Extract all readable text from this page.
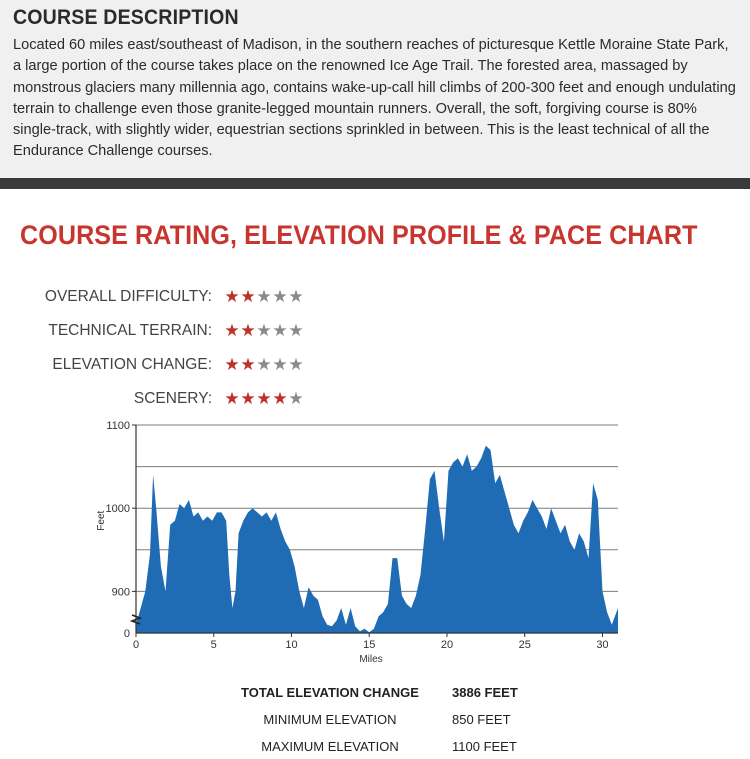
COURSE DESCRIPTION

Located 60 miles east/southeast of Madison, in the southern reaches of picturesque Kettle Moraine State Park, a large portion of the course takes place on the renowned Ice Age Trail. The forested area, massaged by monstrous glaciers many millennia ago, contains wake-up-call hill climbs of 200-300 feet and enough undulating terrain to challenge even those granite-legged mountain runners. Overall, the soft, forgiving course is 80% single-track, with slightly wider, equestrian sections sprinkled in between. This is the least technical of all the Endurance Challenge courses.

COURSE RATING, ELEVATION PROFILE & PACE CHART
OVERALL DIFFICULTY: ★ ★ ★ ★ ★
TECHNICAL TERRAIN: ★ ★ ★ ★ ★
ELEVATION CHANGE: ★ ★ ★ ★ ★
SCENERY: ★ ★ ★ ★ ★
1100
1000
900
0
0	5	10	15	20	25	30
Miles
Feet
TOTAL ELEVATION CHANGE	3886 FEET
MINIMUM ELEVATION	850 FEET
MAXIMUM ELEVATION	1100 FEET
